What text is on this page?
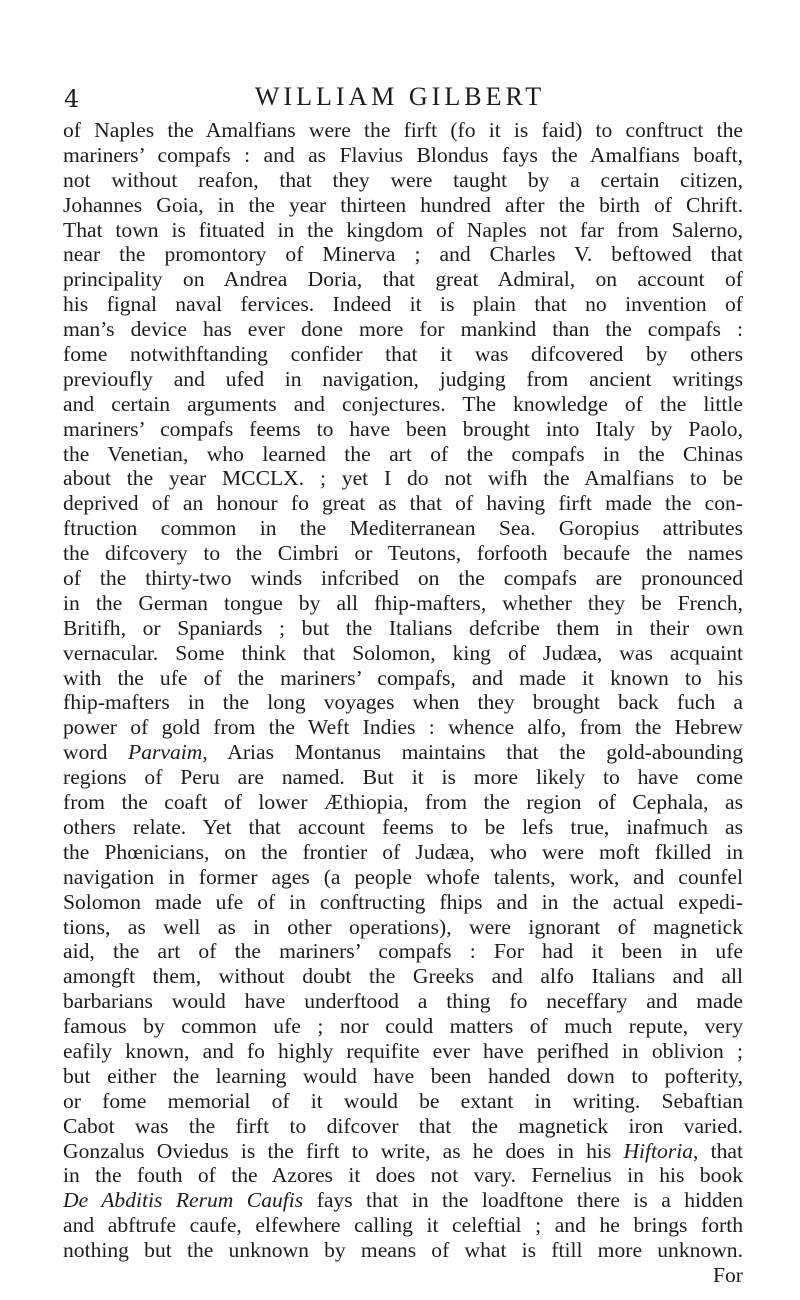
4	WILLIAM GILBERT
of Naples the Amalfians were the firft (fo it is faid) to conftruct the
mariners’ compafs : and as Flavius Blondus fays the Amalfians boaft,
not without reafon, that they were taught by a certain citizen,
Johannes Goia, in the year thirteen hundred after the birth of Chrift.
That town is fituated in the kingdom of Naples not far from Salerno,
near the promontory of Minerva ; and Charles V. beftowed that
principality on Andrea Doria, that great Admiral, on account of
his fignal naval fervices. Indeed it is plain that no invention of
man’s device has ever done more for mankind than the compafs :
fome notwithftanding confider that it was difcovered by others
previoufly and ufed in navigation, judging from ancient writings
and certain arguments and conjectures. The knowledge of the little
mariners’ compafs feems to have been brought into Italy by Paolo,
the Venetian, who learned the art of the compafs in the Chinas
about the year MCCLX. ; yet I do not wifh the Amalfians to be
deprived of an honour fo great as that of having firft made the con-
ftruction common in the Mediterranean Sea. Goropius attributes
the difcovery to the Cimbri or Teutons, forfooth becaufe the names
of the thirty-two winds infcribed on the compafs are pronounced
in the German tongue by all fhip-mafters, whether they be French,
Britifh, or Spaniards ; but the Italians defcribe them in their own
vernacular. Some think that Solomon, king of Judæa, was acquaint
with the ufe of the mariners’ compafs, and made it known to his
fhip-mafters in the long voyages when they brought back fuch a
power of gold from the Weft Indies : whence alfo, from the Hebrew
word Parvaim, Arias Montanus maintains that the gold-abounding
regions of Peru are named. But it is more likely to have come
from the coaft of lower Æthiopia, from the region of Cephala, as
others relate. Yet that account feems to be lefs true, inafmuch as
the Phœnicians, on the frontier of Judæa, who were moft fkilled in
navigation in former ages (a people whofe talents, work, and counfel
Solomon made ufe of in conftructing fhips and in the actual expedi-
tions, as well as in other operations), were ignorant of magnetick
aid, the art of the mariners’ compafs : For had it been in ufe
amongft them, without doubt the Greeks and alfo Italians and all
barbarians would have underftood a thing fo neceffary and made
famous by common ufe ; nor could matters of much repute, very
eafily known, and fo highly requifite ever have perifhed in oblivion ;
but either the learning would have been handed down to pofterity,
or fome memorial of it would be extant in writing. Sebaftian
Cabot was the firft to difcover that the magnetick iron varied.
Gonzalus Oviedus is the firft to write, as he does in his Hiftoria, that
in the fouth of the Azores it does not vary. Fernelius in his book
De Abditis Rerum Caufis fays that in the loadftone there is a hidden
and abftrufe caufe, elfewhere calling it celeftial ; and he brings forth
nothing but the unknown by means of what is ftill more unknown.
For
